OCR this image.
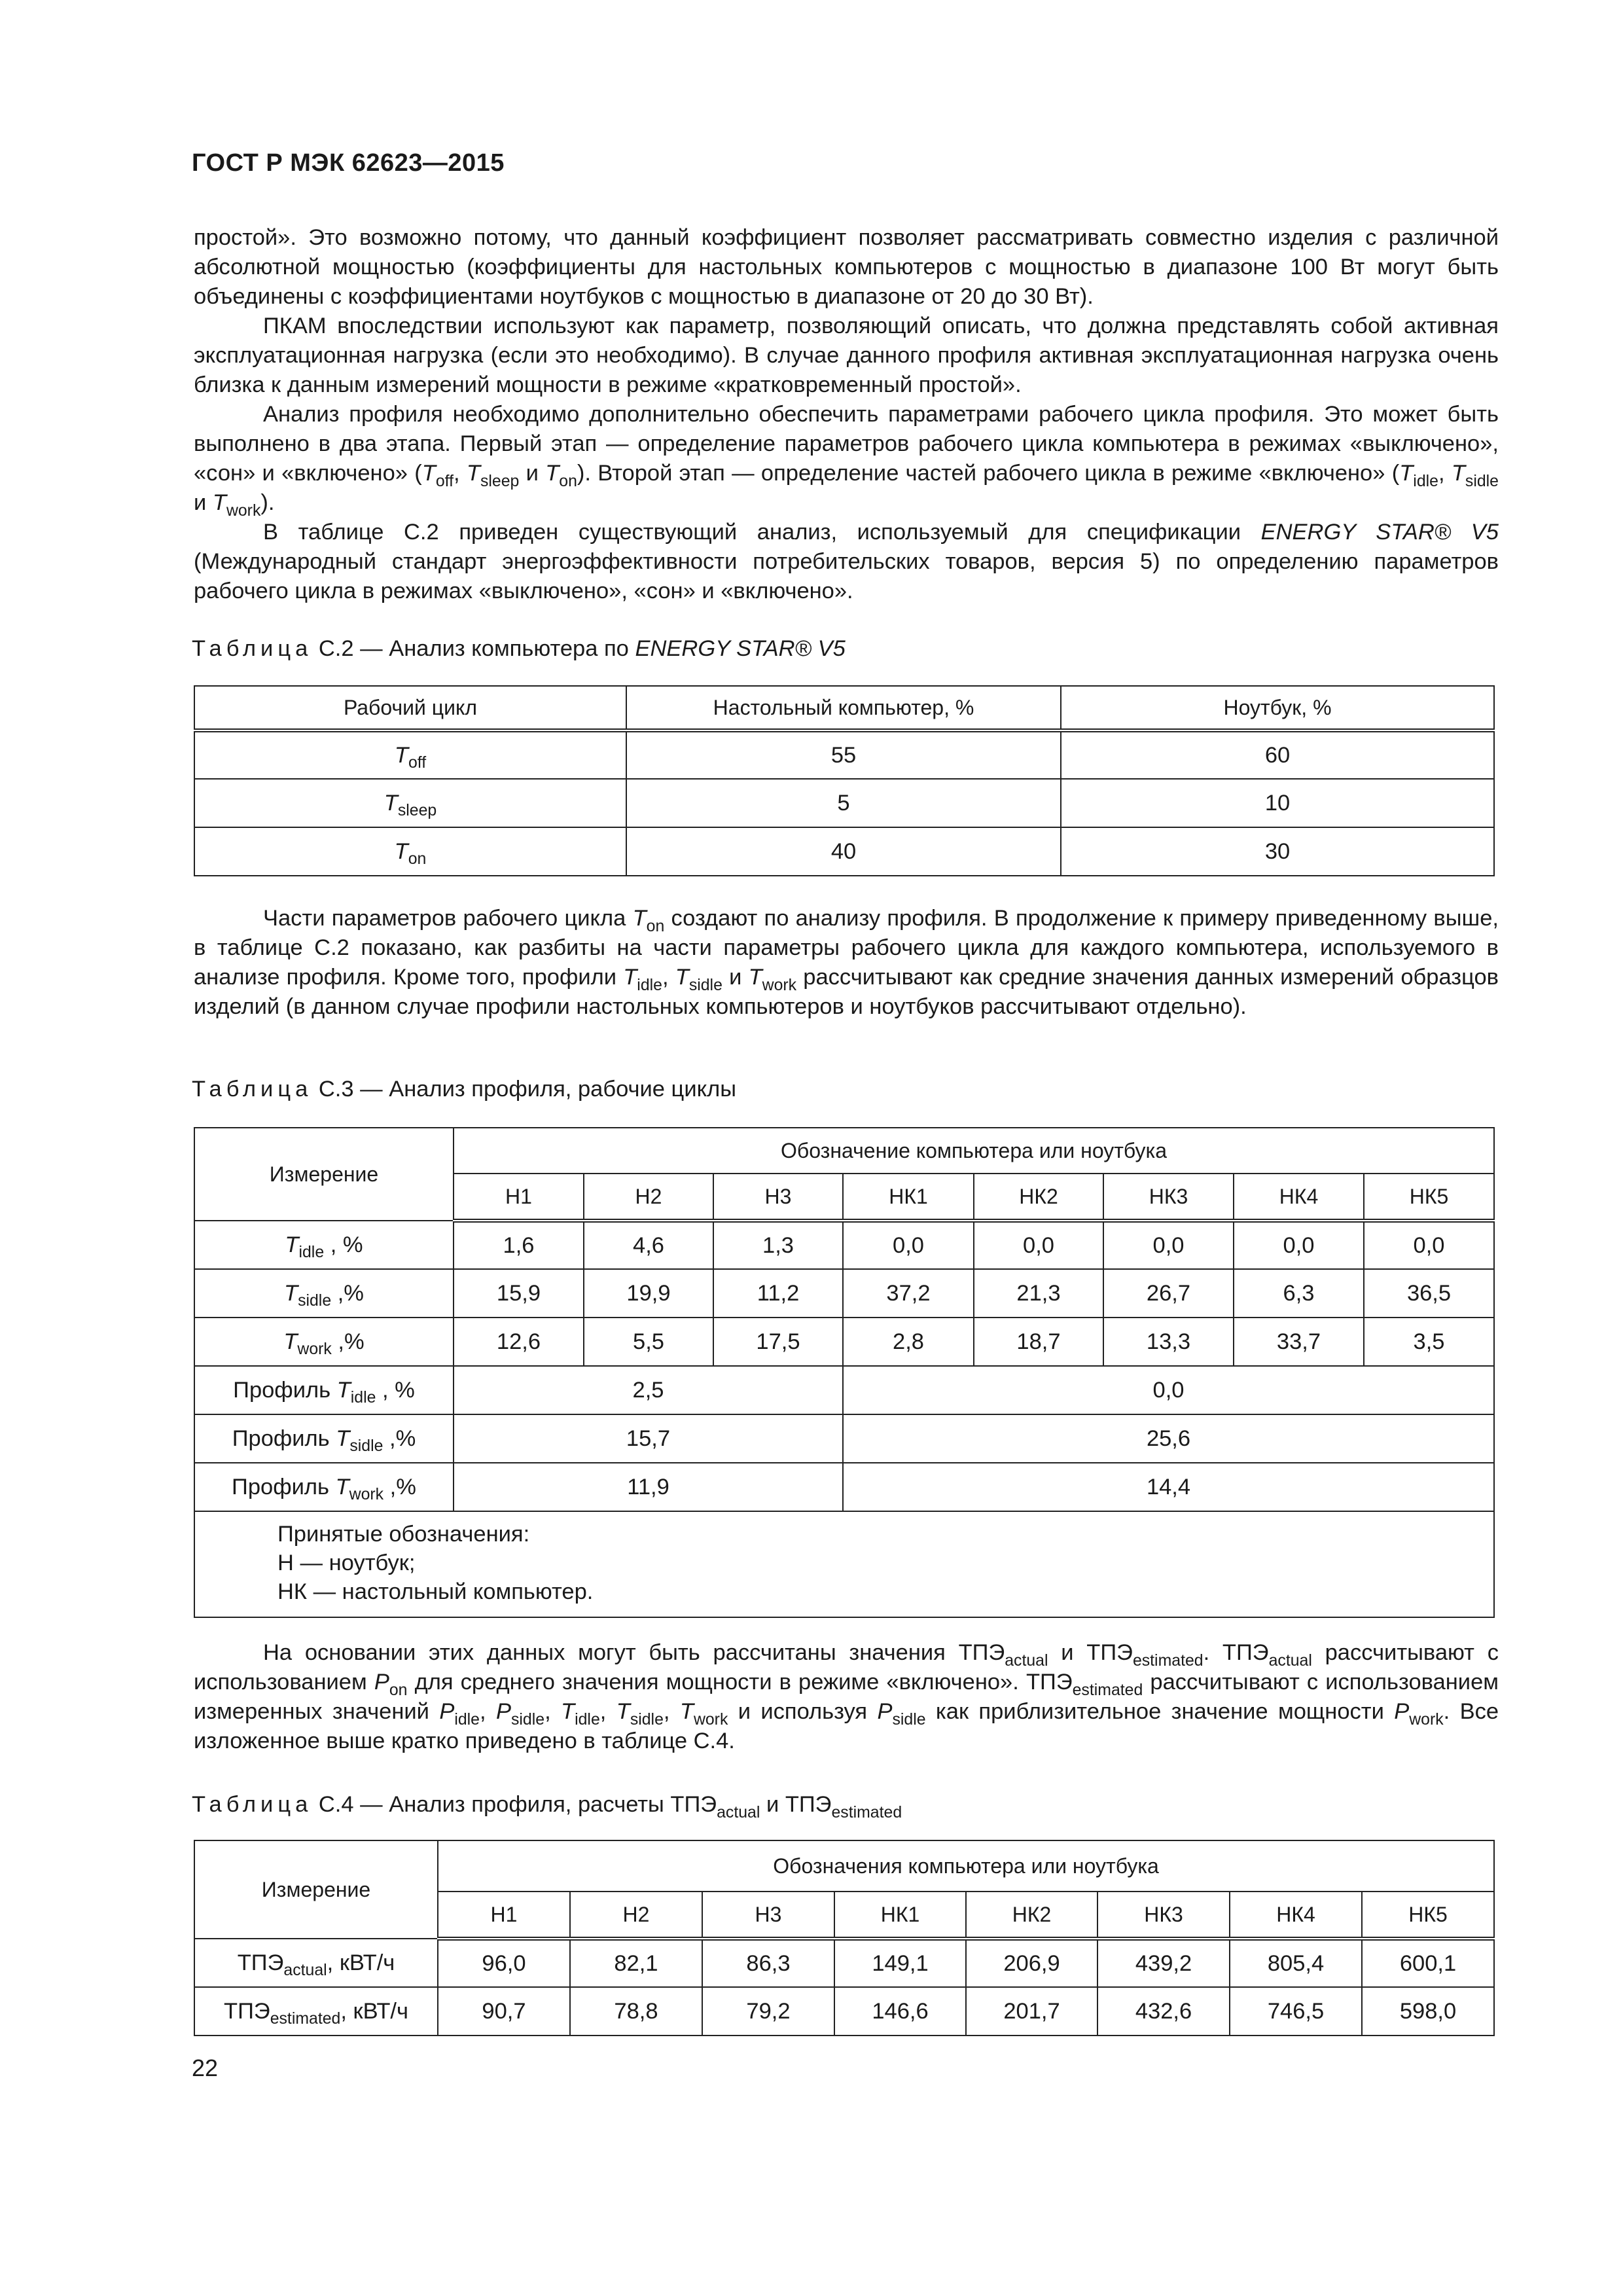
ГОСТ Р МЭК 62623—2015

простой». Это возможно потому, что данный коэффициент позволяет рассматривать совместно изделия с различной абсолютной мощностью (коэффициенты для настольных компьютеров с мощностью в диапазоне 100 Вт могут быть объединены с коэффициентами ноутбуков с мощностью в диапазоне от 20 до 30 Вт).

ПКАМ впоследствии используют как параметр, позволяющий описать, что должна представлять собой активная эксплуатационная нагрузка (если это необходимо). В случае данного профиля активная эксплуатационная нагрузка очень близка к данным измерений мощности в режиме «кратковременный простой».

Анализ профиля необходимо дополнительно обеспечить параметрами рабочего цикла профиля. Это может быть выполнено в два этапа. Первый этап — определение параметров рабочего цикла компьютера в режимах «выключено», «сон» и «включено» ($T_{off}$, $T_{sleep}$ и $T_{on}$). Второй этап — определение частей рабочего цикла в режиме «включено» ($T_{idle}$, $T_{sidle}$ и $T_{work}$).

В таблице С.2 приведен существующий анализ, используемый для спецификации ENERGY STAR® V5 (Международный стандарт энергоэффективности потребительских товаров, версия 5) по определению параметров рабочего цикла в режимах «выключено», «сон» и «включено».

Таблица С.2 — Анализ компьютера по ENERGY STAR® V5
Рабочий цикл	Настольный компьютер, %	Ноутбук, %
$T_{off}$	55	60
$T_{sleep}$	5	10
$T_{on}$	40	30

Части параметров рабочего цикла $T_{on}$ создают по анализу профиля. В продолжение к примеру приведенному выше, в таблице С.2 показано, как разбиты на части параметры рабочего цикла для каждого компьютера, используемого в анализе профиля. Кроме того, профили $T_{idle}$, $T_{sidle}$ и $T_{work}$ рассчитывают как средние значения данных измерений образцов изделий (в данном случае профили настольных компьютеров и ноутбуков рассчитывают отдельно).

Таблица С.3 — Анализ профиля, рабочие циклы
Измерение	Обозначение компьютера или ноутбука							
	Н1	Н2	Н3	НК1	НК2	НК3	НК4	НК5
$T_{idle}$ , %	1,6	4,6	1,3	0,0	0,0	0,0	0,0	0,0
$T_{sidle}$ ,%	15,9	19,9	11,2	37,2	21,3	26,7	6,3	36,5
$T_{work}$ ,%	12,6	5,5	17,5	2,8	18,7	13,3	33,7	3,5
Профиль $T_{idle}$ , %	2,5			0,0				
Профиль $T_{sidle}$ ,%	15,7			25,6				
Профиль $T_{work}$ ,%	11,9			14,4				

Принятые обозначения:
Н — ноутбук;
НК — настольный компьютер.								

На основании этих данных могут быть рассчитаны значения $ТПЭ_{actual}$ и $ТПЭ_{estimated}$. $ТПЭ_{actual}$ рассчитывают с использованием $P_{on}$ для среднего значения мощности в режиме «включено». $ТПЭ_{estimated}$ рассчитывают с использованием измеренных значений $P_{idle}$, $P_{sidle}$, $T_{idle}$, $T_{sidle}$, $T_{work}$ и используя $P_{sidle}$ как приблизительное значение мощности $P_{work}$. Все изложенное выше кратко приведено в таблице С.4.

Таблица С.4 — Анализ профиля, расчеты $ТПЭ_{actual}$ и $ТПЭ_{estimated}$
Измерение	Обозначения компьютера или ноутбука							
	Н1	Н2	Н3	НК1	НК2	НК3	НК4	НК5
$ТПЭ_{actual}$, кВТ/ч	96,0	82,1	86,3	149,1	206,9	439,2	805,4	600,1
$ТПЭ_{estimated}$, кВТ/ч	90,7	78,8	79,2	146,6	201,7	432,6	746,5	598,0
22
